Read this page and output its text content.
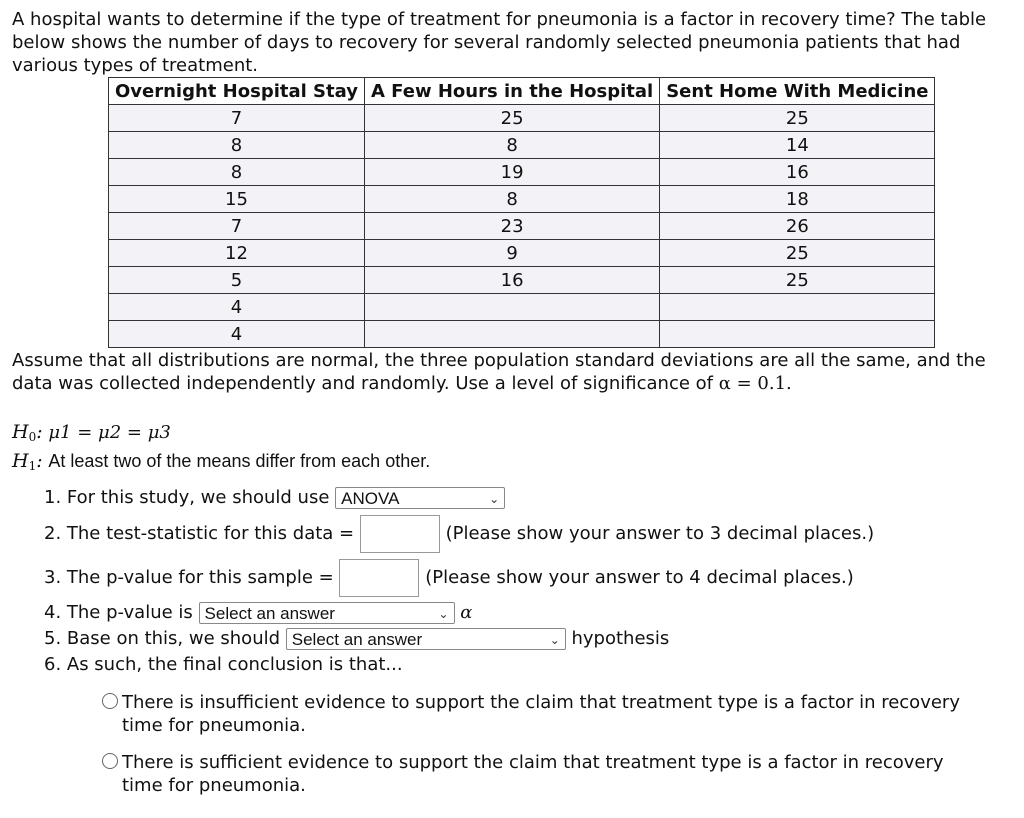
A hospital wants to determine if the type of treatment for pneumonia is a factor in recovery time? The table below shows the number of days to recovery for several randomly selected pneumonia patients that had various types of treatment.
Overnight Hospital Stay	A Few Hours in the Hospital	Sent Home With Medicine
7	25	25
8	8	14
8	19	16
15	8	18
7	23	26
12	9	25
5	16	25
4		
4		
Assume that all distributions are normal, the three population standard deviations are all the same, and the data was collected independently and randomly. Use a level of significance of α = 0.1.
$H_0$: μ1 = μ2 = μ3
$H_1$: At least two of the means differ from each other.
1. For this study, we should use ANOVA	⌄
2. The test-statistic for this data =	(Please show your answer to 3 decimal places.)
3. The p-value for this sample =	(Please show your answer to 4 decimal places.)
4. The p-value is Select an answer	⌄ α
5. Base on this, we should Select an answer	⌄ hypothesis
6. As such, the final conclusion is that...
There is insufficient evidence to support the claim that treatment type is a factor in recovery time for pneumonia.
There is sufficient evidence to support the claim that treatment type is a factor in recovery time for pneumonia.
